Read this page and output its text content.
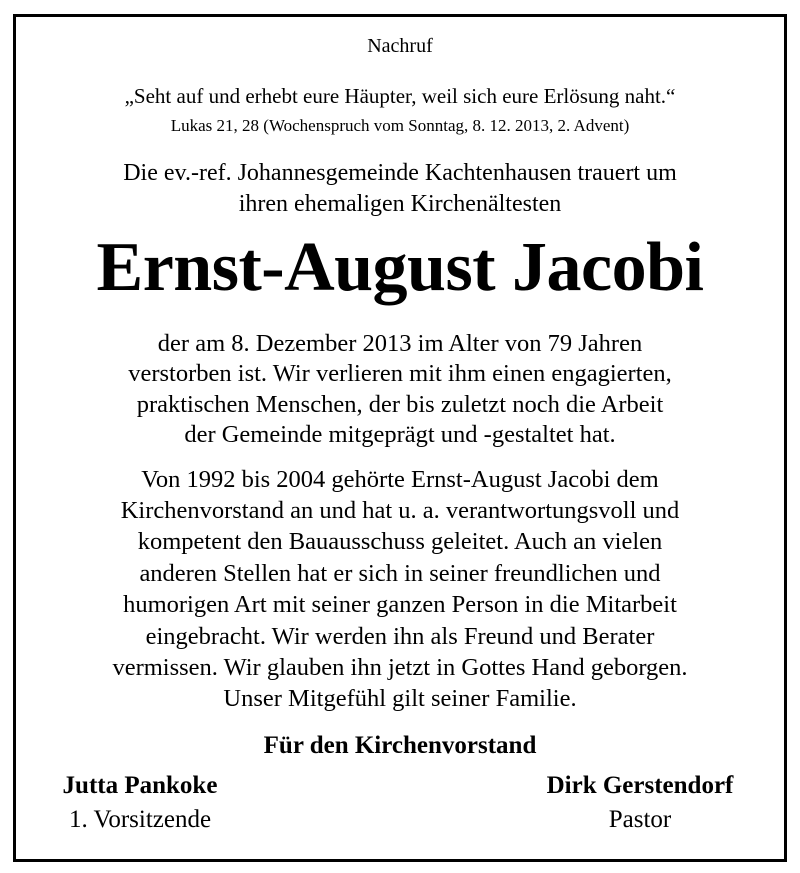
Nachruf
„Seht auf und erhebt eure Häupter, weil sich eure Erlösung naht.“
Lukas 21, 28 (Wochenspruch vom Sonntag, 8. 12. 2013, 2. Advent)
Die ev.-ref. Johannesgemeinde Kachtenhausen trauert um
ihren ehemaligen Kirchenältesten
Ernst-August Jacobi
der am 8. Dezember 2013 im Alter von 79 Jahren
verstorben ist. Wir verlieren mit ihm einen engagierten,
praktischen Menschen, der bis zuletzt noch die Arbeit
der Gemeinde mitgeprägt und -gestaltet hat.
Von 1992 bis 2004 gehörte Ernst-August Jacobi dem
Kirchenvorstand an und hat u. a. verantwortungsvoll und
kompetent den Bauausschuss geleitet. Auch an vielen
anderen Stellen hat er sich in seiner freundlichen und
humorigen Art mit seiner ganzen Person in die Mitarbeit
eingebracht. Wir werden ihn als Freund und Berater
vermissen. Wir glauben ihn jetzt in Gottes Hand geborgen.
Unser Mitgefühl gilt seiner Familie.
Für den Kirchenvorstand
Jutta Pankoke
1. Vorsitzende
Dirk Gerstendorf
Pastor
